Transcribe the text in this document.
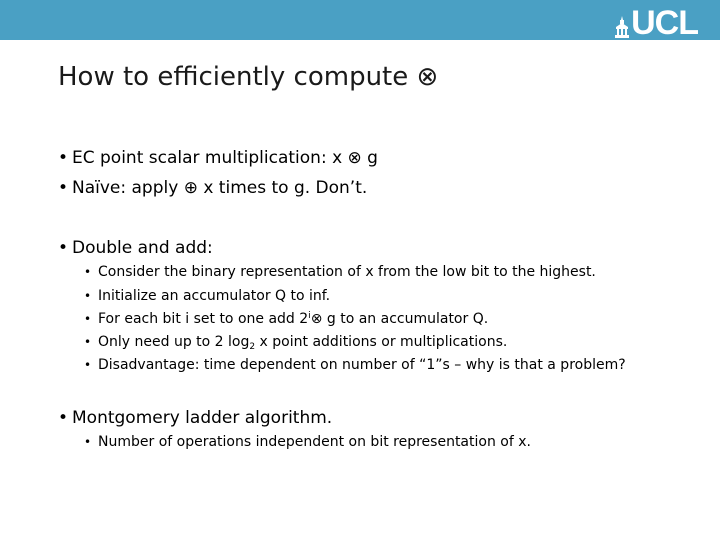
UCL
How to efficiently compute ⊗
• EC point scalar multiplication: x ⊗ g
• Naïve: apply ⊕ x times to g. Don’t.
• Double and add:
• Consider the binary representation of x from the low bit to the highest.
• Initialize an accumulator Q to inf.
• For each bit i set to one add 2$^i$⊗ g to an accumulator Q.
• Only need up to 2 $\log_2 x$ point additions or multiplications.
• Disadvantage: time dependent on number of “1”s – why is that a problem?
• Montgomery ladder algorithm.
• Number of operations independent on bit representation of x.
